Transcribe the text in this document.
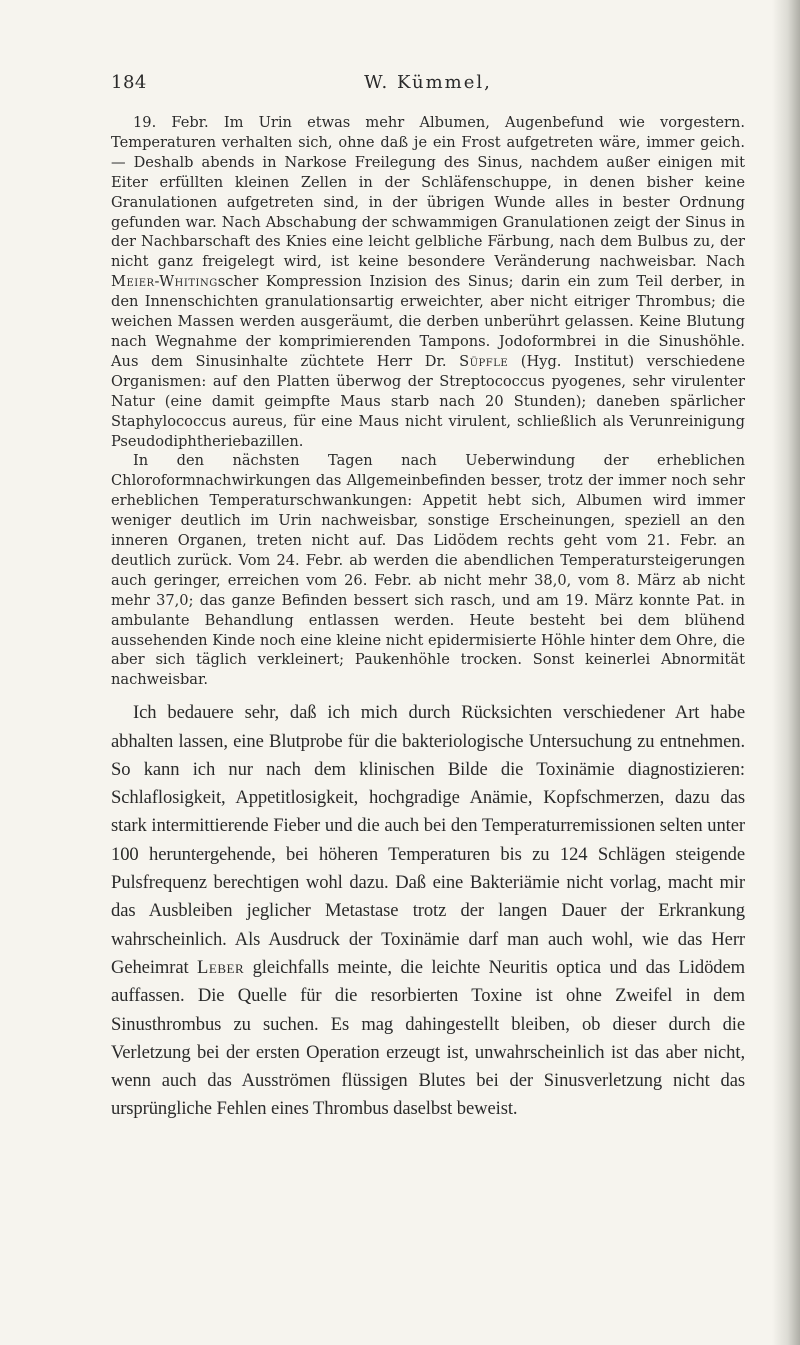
184	W. Kümmel,

19. Febr. Im Urin etwas mehr Albumen, Augenbefund wie vorgestern. Temperaturen verhalten sich, ohne daß je ein Frost aufgetreten wäre, immer geich. — Deshalb abends in Narkose Freilegung des Sinus, nachdem außer einigen mit Eiter erfüllten kleinen Zellen in der Schläfenschuppe, in denen bisher keine Granulationen aufgetreten sind, in der übrigen Wunde alles in bester Ordnung gefunden war. Nach Abschabung der schwammigen Granulationen zeigt der Sinus in der Nachbarschaft des Knies eine leicht gelbliche Färbung, nach dem Bulbus zu, der nicht ganz freigelegt wird, ist keine besondere Veränderung nachweisbar. Nach Meier-Whitingscher Kompression Inzision des Sinus; darin ein zum Teil derber, in den Innenschichten granulationsartig erweichter, aber nicht eitriger Thrombus; die weichen Massen werden ausgeräumt, die derben unberührt gelassen. Keine Blutung nach Wegnahme der komprimierenden Tampons. Jodoformbrei in die Sinushöhle. Aus dem Sinusinhalte züchtete Herr Dr. Süpfle (Hyg. Institut) verschiedene Organismen: auf den Platten überwog der Streptococcus pyogenes, sehr virulenter Natur (eine damit geimpfte Maus starb nach 20 Stunden); daneben spärlicher Staphylococcus aureus, für eine Maus nicht virulent, schließlich als Verunreinigung Pseudodiphtheriebazillen.

In den nächsten Tagen nach Ueberwindung der erheblichen Chloroformnachwirkungen das Allgemeinbefinden besser, trotz der immer noch sehr erheblichen Temperaturschwankungen: Appetit hebt sich, Albumen wird immer weniger deutlich im Urin nachweisbar, sonstige Erscheinungen, speziell an den inneren Organen, treten nicht auf. Das Lidödem rechts geht vom 21. Febr. an deutlich zurück. Vom 24. Febr. ab werden die abendlichen Temperatursteigerungen auch geringer, erreichen vom 26. Febr. ab nicht mehr 38,0, vom 8. März ab nicht mehr 37,0; das ganze Befinden bessert sich rasch, und am 19. März konnte Pat. in ambulante Behandlung entlassen werden. Heute besteht bei dem blühend aussehenden Kinde noch eine kleine nicht epidermisierte Höhle hinter dem Ohre, die aber sich täglich verkleinert; Paukenhöhle trocken. Sonst keinerlei Abnormität nachweisbar.

Ich bedauere sehr, daß ich mich durch Rücksichten verschiedener Art habe abhalten lassen, eine Blutprobe für die bakteriologische Untersuchung zu entnehmen. So kann ich nur nach dem klinischen Bilde die Toxinämie diagnostizieren: Schlaflosigkeit, Appetitlosigkeit, hochgradige Anämie, Kopfschmerzen, dazu das stark intermittierende Fieber und die auch bei den Temperaturremissionen selten unter 100 heruntergehende, bei höheren Temperaturen bis zu 124 Schlägen steigende Pulsfrequenz berechtigen wohl dazu. Daß eine Bakteriämie nicht vorlag, macht mir das Ausbleiben jeglicher Metastase trotz der langen Dauer der Erkrankung wahrscheinlich. Als Ausdruck der Toxinämie darf man auch wohl, wie das Herr Geheimrat Leber gleichfalls meinte, die leichte Neuritis optica und das Lidödem auffassen. Die Quelle für die resorbierten Toxine ist ohne Zweifel in dem Sinusthrombus zu suchen. Es mag dahingestellt bleiben, ob dieser durch die Verletzung bei der ersten Operation erzeugt ist, unwahrscheinlich ist das aber nicht, wenn auch das Ausströmen flüssigen Blutes bei der Sinusverletzung nicht das ursprüngliche Fehlen eines Thrombus daselbst beweist.
